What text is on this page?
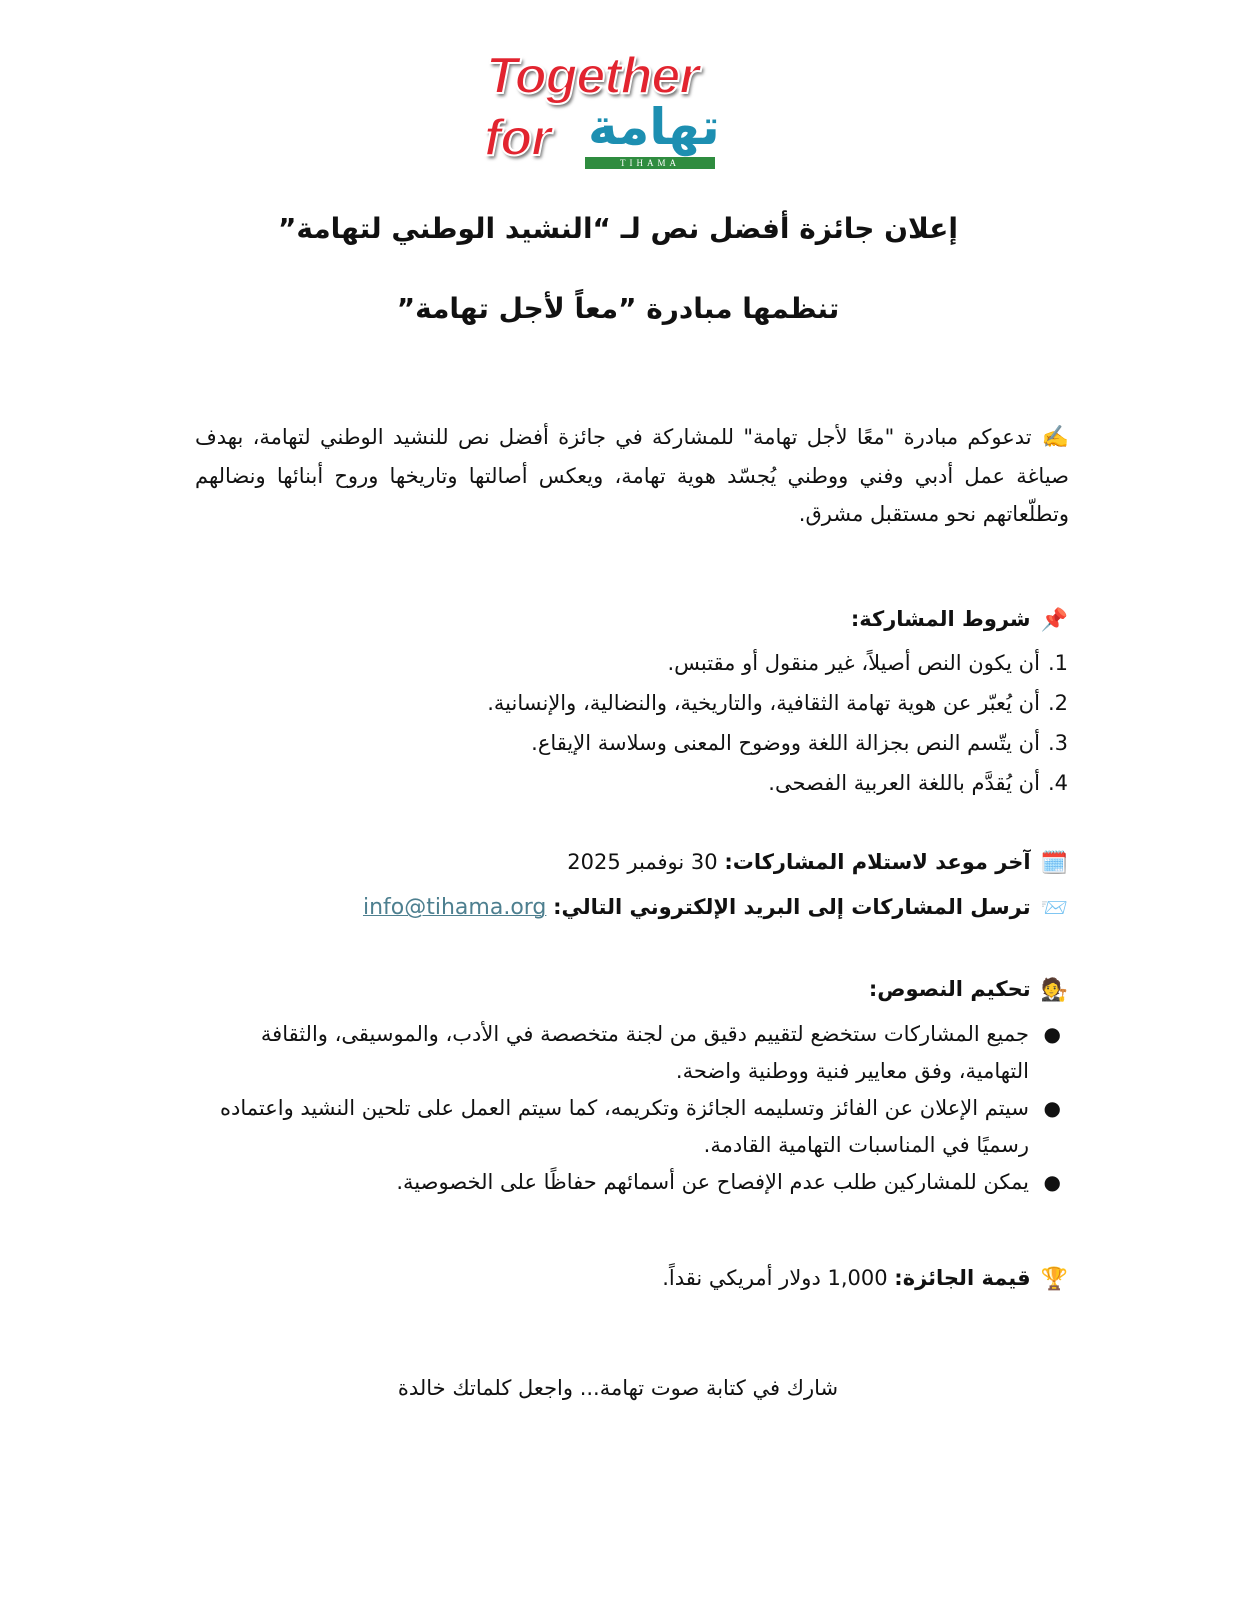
Together
for تهامة
TIHAMA
إعلان جائزة أفضل نص لـ “النشيد الوطني لتهامة”
تنظمها مبادرة ”معاً لأجل تهامة”
✍️تدعوكم مبادرة "معًا لأجل تهامة" للمشاركة في جائزة أفضل نص للنشيد الوطني لتهامة، بهدف صياغة عمل أدبي وفني ووطني يُجسّد هوية تهامة، ويعكس أصالتها وتاريخها وروح أبنائها ونضالهم وتطلّعاتهم نحو مستقبل مشرق.
📌شروط المشاركة:
1.أن يكون النص أصيلاً، غير منقول أو مقتبس.
2.أن يُعبّر عن هوية تهامة الثقافية، والتاريخية، والنضالية، والإنسانية.
3.أن يتّسم النص بجزالة اللغة ووضوح المعنى وسلاسة الإيقاع.
4.أن يُقدَّم باللغة العربية الفصحى.
🗓️آخر موعد لاستلام المشاركات: 30 نوفمبر 2025
📨ترسل المشاركات إلى البريد الإلكتروني التالي: info@tihama.org
🧑‍⚖️تحكيم النصوص:
●
جميع المشاركات ستخضع لتقييم دقيق من لجنة متخصصة في الأدب، والموسيقى، والثقافة التهامية، وفق معايير فنية ووطنية واضحة.
●
سيتم الإعلان عن الفائز وتسليمه الجائزة وتكريمه، كما سيتم العمل على تلحين النشيد واعتماده رسميًا في المناسبات التهامية القادمة.
●
يمكن للمشاركين طلب عدم الإفصاح عن أسمائهم حفاظًا على الخصوصية.
🏆قيمة الجائزة: 1,000 دولار أمريكي نقداً.
شارك في كتابة صوت تهامة... واجعل كلماتك خالدة
